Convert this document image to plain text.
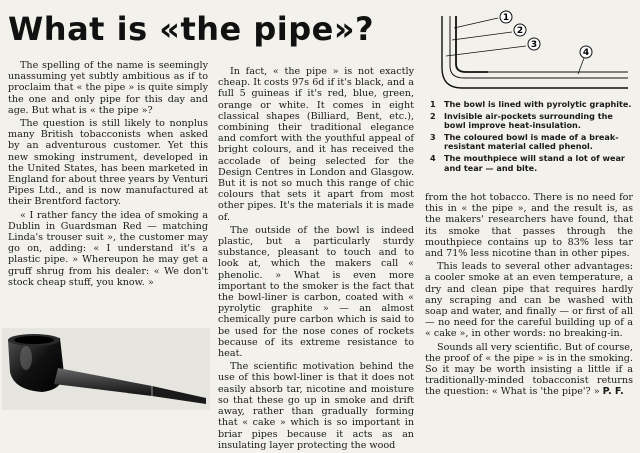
What is «the pipe»?

The spelling of the name is seemingly unassuming yet subtly ambitious as if to proclaim that « the pipe » is quite simply the one and only pipe for this day and age. But what is « the pipe »?

The question is still likely to nonplus many British tobacconists when asked by an adventurous customer. Yet this new smoking instrument, developed in the United States, has been marketed in England for about three years by Venturi Pipes Ltd., and is now manufactured at their Brentford factory.

« I rather fancy the idea of smoking a Dublin in Guardsman Red — matching Linda's trouser suit », the customer may go on, adding: « I understand it's a plastic pipe. » Whereupon he may get a gruff shrug from his dealer: « We don't stock cheap stuff, you know. »

In fact, « the pipe » is not exactly cheap. It costs 97s 6d if it's black, and a full 5 guineas if it's red, blue, green, orange or white. It comes in eight classical shapes (Billiard, Bent, etc.), combining their traditional elegance and comfort with the youthful appeal of bright colours, and it has received the accolade of being selected for the Design Centres in London and Glasgow. But it is not so much this range of chic colours that sets it apart from most other pipes. It's the materials it is made of.

The outside of the bowl is indeed plastic, but a particularly sturdy substance, pleasant to touch and to look at, which the makers call « phenolic. » What is even more important to the smoker is the fact that the bowl-liner is carbon, coated with « pyrolytic graphite » — an almost chemically pure carbon which is said to be used for the nose cones of rockets because of its extreme resistance to heat.

The scientific motivation behind the use of this bowl-liner is that it does not easily absorb tar, nicotine and moisture so that these go up in smoke and drift away, rather than gradually forming that « cake » which is so important in briar pipes because it acts as an insulating layer protecting the wood

from the hot tobacco. There is no need for this in « the pipe », and the result is, as the makers' researchers have found, that its smoke that passes through the mouthpiece contains up to 83% less tar and 71% less nicotine than in other pipes.

This leads to several other advantages: a cooler smoke at an even temperature, a dry and clean pipe that requires hardly any scraping and can be washed with soap and water, and finally — or first of all — no need for the careful building up of a « cake », in other words: no breaking-in.

Sounds all very scientific. But of course, the proof of « the pipe » is in the smoking. So it may be worth insisting a little if a traditionally-minded tobacconist returns the question: « What is 'the pipe'? » P. F.

1
2
3
4
1	The bowl is lined with pyrolytic graphite.
2	Invisible air-pockets surrounding the bowl improve heat-insulation.
3	The coloured bowl is made of a break-resistant material called phenol.
4	The mouthpiece will stand a lot of wear and tear — and bite.
